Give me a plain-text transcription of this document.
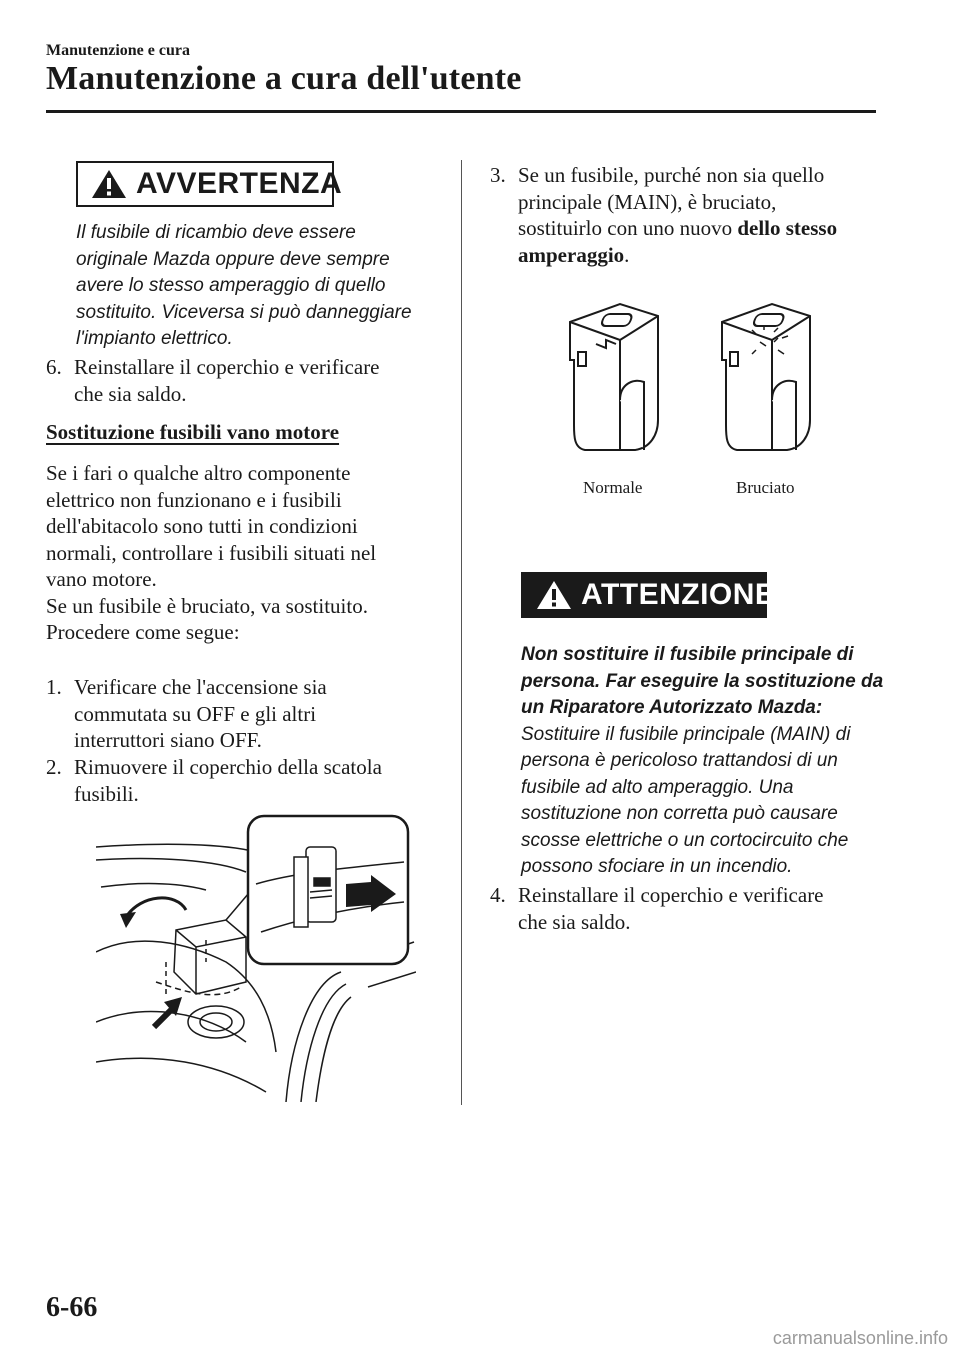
Manutenzione e cura
Manutenzione a cura dell'utente
AVVERTENZA
Il fusibile di ricambio deve essere
originale Mazda oppure deve sempre
avere lo stesso amperaggio di quello
sostituito. Viceversa si può danneggiare
l'impianto elettrico.
6. Reinstallare il coperchio e verificare
che sia saldo.
Sostituzione fusibili vano motore
Se i fari o qualche altro componente
elettrico non funzionano e i fusibili
dell'abitacolo sono tutti in condizioni
normali, controllare i fusibili situati nel
vano motore.
Se un fusibile è bruciato, va sostituito.
Procedere come segue:
1. Verificare che l'accensione sia
commutata su OFF e gli altri
interruttori siano OFF.
2. Rimuovere il coperchio della scatola
fusibili.
3. Se un fusibile, purché non sia quello
principale (MAIN), è bruciato,
sostituirlo con uno nuovo dello stesso
amperaggio.
Normale	Bruciato
ATTENZIONE
Non sostituire il fusibile principale di
persona. Far eseguire la sostituzione da
un Riparatore Autorizzato Mazda:
Sostituire il fusibile principale (MAIN) di
persona è pericoloso trattandosi di un
fusibile ad alto amperaggio. Una
sostituzione non corretta può causare
scosse elettriche o un cortocircuito che
possono sfociare in un incendio.
4. Reinstallare il coperchio e verificare
che sia saldo.
6-66
carmanualsonline.info
